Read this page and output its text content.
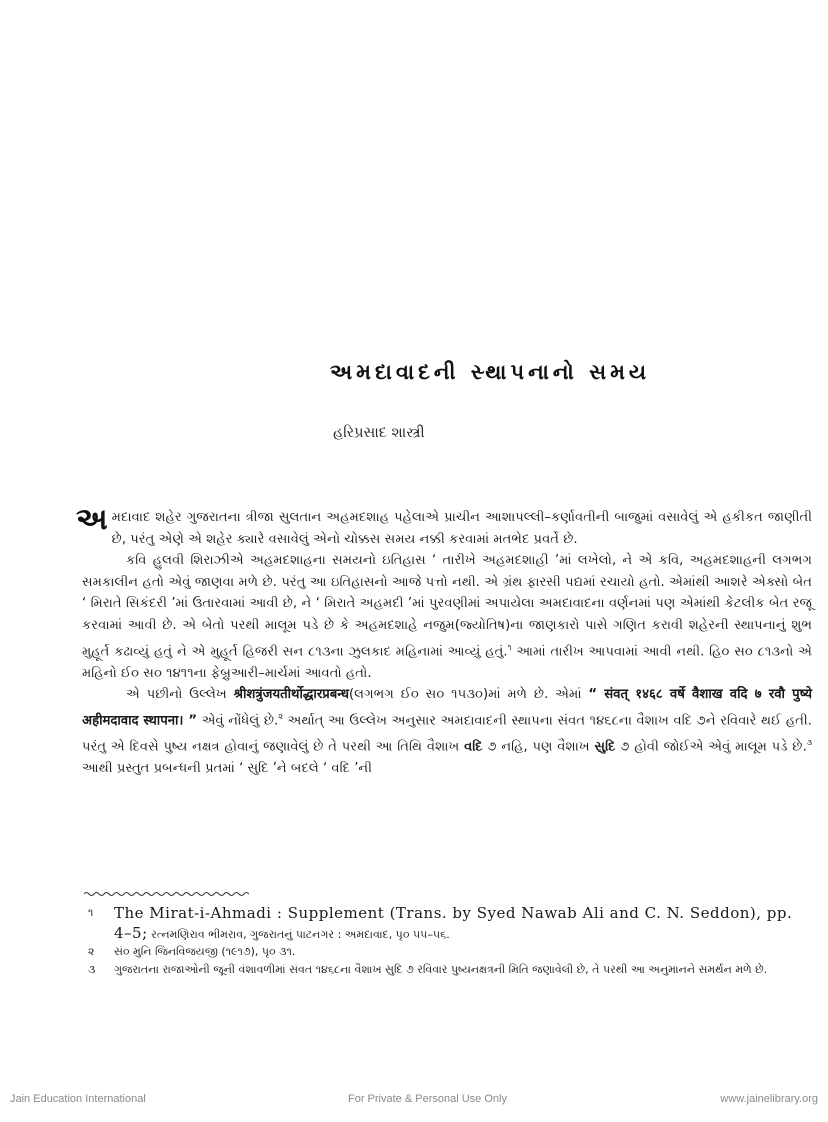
અમદાવાદની સ્થાપનાનો સમય
હરિપ્રસાદ શાસ્ત્રી

અમદાવાદ શહેર ગુજરાતના ત્રીજા સુલતાન અહમદશાહ પહેલાએ પ્રાચીન આશાપલ્લી–કર્ણાવતીની બાજુમાં વસાવેલું એ હકીકત જાણીતી છે, પરંતુ એણે એ શહેર ક્યારે વસાવેલું એનો ચોક્કસ સમય નક્કી કરવામાં મતભેદ પ્રવર્તે છે.

કવિ હુલવી શિરાઝીએ અહમદશાહના સમયનો ઇતિહાસ ‘ તારીખે અહમદશાહી ’માં લખેલો, ને એ કવિ, અહમદશાહની લગભગ સમકાલીન હતો એવું જાણવા મળે છે. પરંતુ આ ઇતિહાસનો આજે પત્તો નથી. એ ગ્રંથ ફારસી પદ્યમાં રચાયો હતો. એમાંથી આશરે એક્સો બેત ‘ મિરાતે સિકંદરી ’માં ઉતારવામાં આવી છે, ને ‘ મિરાતે અહમદી ’માં પુરવણીમાં અપાયેલા અમદાવાદના વર્ણનમાં પણ એમાંથી કેટલીક બેત રજૂ કરવામાં આવી છે. એ બેતો પરથી માલૂમ પડે છે કે અહમદશાહે નજુમ(જ્યોતિષ)ના જાણકારો પાસે ગણિત કરાવી શહેરની સ્થાપનાનું શુભ મુહૂર્ત કઢાવ્યું હતું ને એ મુહૂર્ત હિજરી સન ૮૧૩ના ઝુલકાદ મહિનામાં આવ્યું હતું.$^૧$ આમાં તારીખ આપવામાં આવી નથી. હિ૦ સ૦ ૮૧૩નો એ મહિનો ઈ૦ સ૦ ૧૪૧૧ના ફેબ્રુઆરી–માર્ચમાં આવતો હતો.

એ પછીનો ઉલ્લેખ श्रीशत्रुंजयतीर्थोद्धारप्रबन्ध(લગભગ ઈ૦ સ૦ ૧૫૩૦)માં મળે છે. એમાં “ संवत् १४६८ वर्षे वैशाख वदि ७ रवौ पुष्ये अहीमदावाद स्थापना। ” એવું નોંધેલું છે.$^૨$ અર્થાત્ આ ઉલ્લેખ અનુસાર અમદાવાદની સ્થાપના સંવત ૧૪૬૮ના વૈશાખ વદિ ૭ને રવિવારે થઈ હતી. પરંતુ એ દિવસે પુષ્ય નક્ષત્ર હોવાનું જણાવેલું છે તે પરથી આ તિથિ વૈશાખ વદિ ૭ નહિ, પણ વૈશાખ સુદિ ૭ હોવી જોઈએ એવું માલૂમ પડે છે.$^૩$ આથી પ્રસ્તુત પ્રબન્ધની પ્રતમાં ‘ સુદિ ’ને બદલે ‘ વદિ ’ની

૧	The Mirat-i-Ahmadi : Supplement (Trans. by Syed Nawab Ali and C. N. Seddon), pp. 4–5; રત્નમણિરાવ ભીમરાવ, ગુજરાતનું પાટનગર : અમદાવાદ, પૃ૦ ૫૫–૫૬.
૨	સં૦ મુનિ જિનવિજયજી (૧૯૧૭), પૃ૦ ૩૧.
૩	ગુજરાતના રાજાઓની જૂની વંશાવળીમાં સંવત ૧૪૬૮ના વૈશાખ સુદિ ૭ રવિવાર પુષ્યનક્ષત્રની મિતિ જણાવેલી છે, તે પરથી આ અનુમાનને સમર્થન મળે છે.
Jain Education International	For Private & Personal Use Only	www.jainelibrary.org
